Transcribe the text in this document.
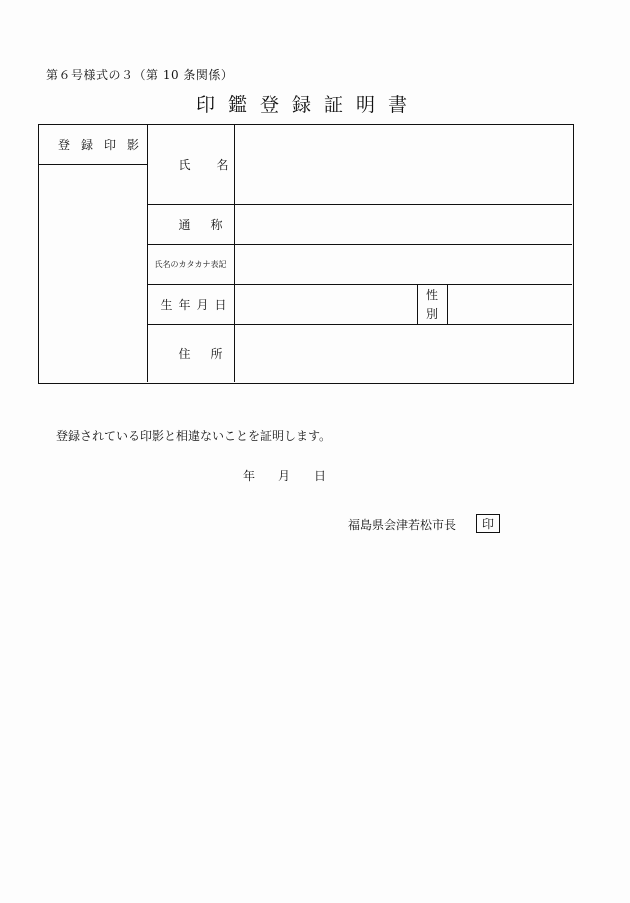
第６号様式の３（第 10 条関係）
印鑑登録証明書
登録印影
氏名
通称
氏名のカタカナ表記
生年月日
性
別
住所
登録されている印影と相違ないことを証明します。
年 月 日
福島県会津若松市長	印
